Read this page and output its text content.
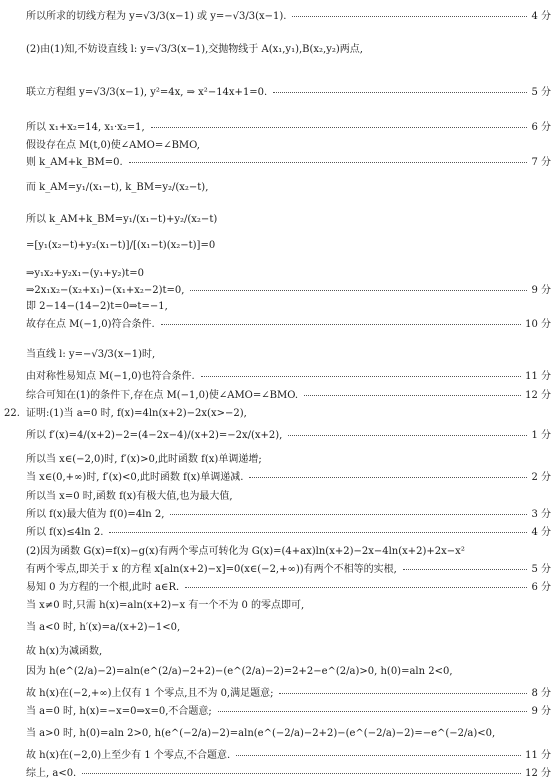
所以所求的切线方程为 y=√3/3(x−1) 或 y=−√3/3(x−1).	4 分
(2)由(1)知,不妨设直线 l: y=√3/3(x−1),交抛物线于 A(x₁,y₁),B(x₂,y₂)两点,
联立方程组 y=√3/3(x−1), y²=4x, ⇒ x²−14x+1=0.	5 分
所以 x₁+x₂=14, x₁·x₂=1,	6 分
假设存在点 M(t,0)使∠AMO=∠BMO,
则 k_AM+k_BM=0.	7 分
而 k_AM=y₁/(x₁−t), k_BM=y₂/(x₂−t),
所以 k_AM+k_BM=y₁/(x₁−t)+y₂/(x₂−t)
=[y₁(x₂−t)+y₂(x₁−t)]/[(x₁−t)(x₂−t)]=0
⇒y₁x₂+y₂x₁−(y₁+y₂)t=0
⇒2x₁x₂−(x₂+x₁)−(x₁+x₂−2)t=0,	9 分
即 2−14−(14−2)t=0⇒t=−1,
故存在点 M(−1,0)符合条件.	10 分
当直线 l: y=−√3/3(x−1)时,
由对称性易知点 M(−1,0)也符合条件.	11 分
综合可知在(1)的条件下,存在点 M(−1,0)使∠AMO=∠BMO.	12 分
22. 证明:(1)当 a=0 时, f(x)=4ln(x+2)−2x(x>−2),
所以 f′(x)=4/(x+2)−2=(4−2x−4)/(x+2)=−2x/(x+2),	1 分
所以当 x∈(−2,0)时, f′(x)>0,此时函数 f(x)单调递增;
当 x∈(0,+∞)时, f′(x)<0,此时函数 f(x)单调递减.	2 分
所以当 x=0 时,函数 f(x)有极大值,也为最大值,
所以 f(x)最大值为 f(0)=4ln 2,	3 分
所以 f(x)≤4ln 2.	4 分
(2)因为函数 G(x)=f(x)−g(x)有两个零点可转化为 G(x)=(4+ax)ln(x+2)−2x−4ln(x+2)+2x−x²
有两个零点,即关于 x 的方程 x[aln(x+2)−x]=0(x∈(−2,+∞))有两个不相等的实根,	5 分
易知 0 为方程的一个根,此时 a∈R.	6 分
当 x≠0 时,只需 h(x)=aln(x+2)−x 有一个不为 0 的零点即可,
当 a<0 时, h′(x)=a/(x+2)−1<0,
故 h(x)为减函数,
因为 h(e^(2/a)−2)=aln(e^(2/a)−2+2)−(e^(2/a)−2)=2+2−e^(2/a)>0, h(0)=aln 2<0,
故 h(x)在(−2,+∞)上仅有 1 个零点,且不为 0,满足题意;	8 分
当 a=0 时, h(x)=−x=0⇒x=0,不合题意;	9 分
当 a>0 时, h(0)=aln 2>0, h(e^(−2/a)−2)=aln(e^(−2/a)−2+2)−(e^(−2/a)−2)=−e^(−2/a)<0,
故 h(x)在(−2,0)上至少有 1 个零点,不合题意.	11 分
综上, a<0.	12 分
